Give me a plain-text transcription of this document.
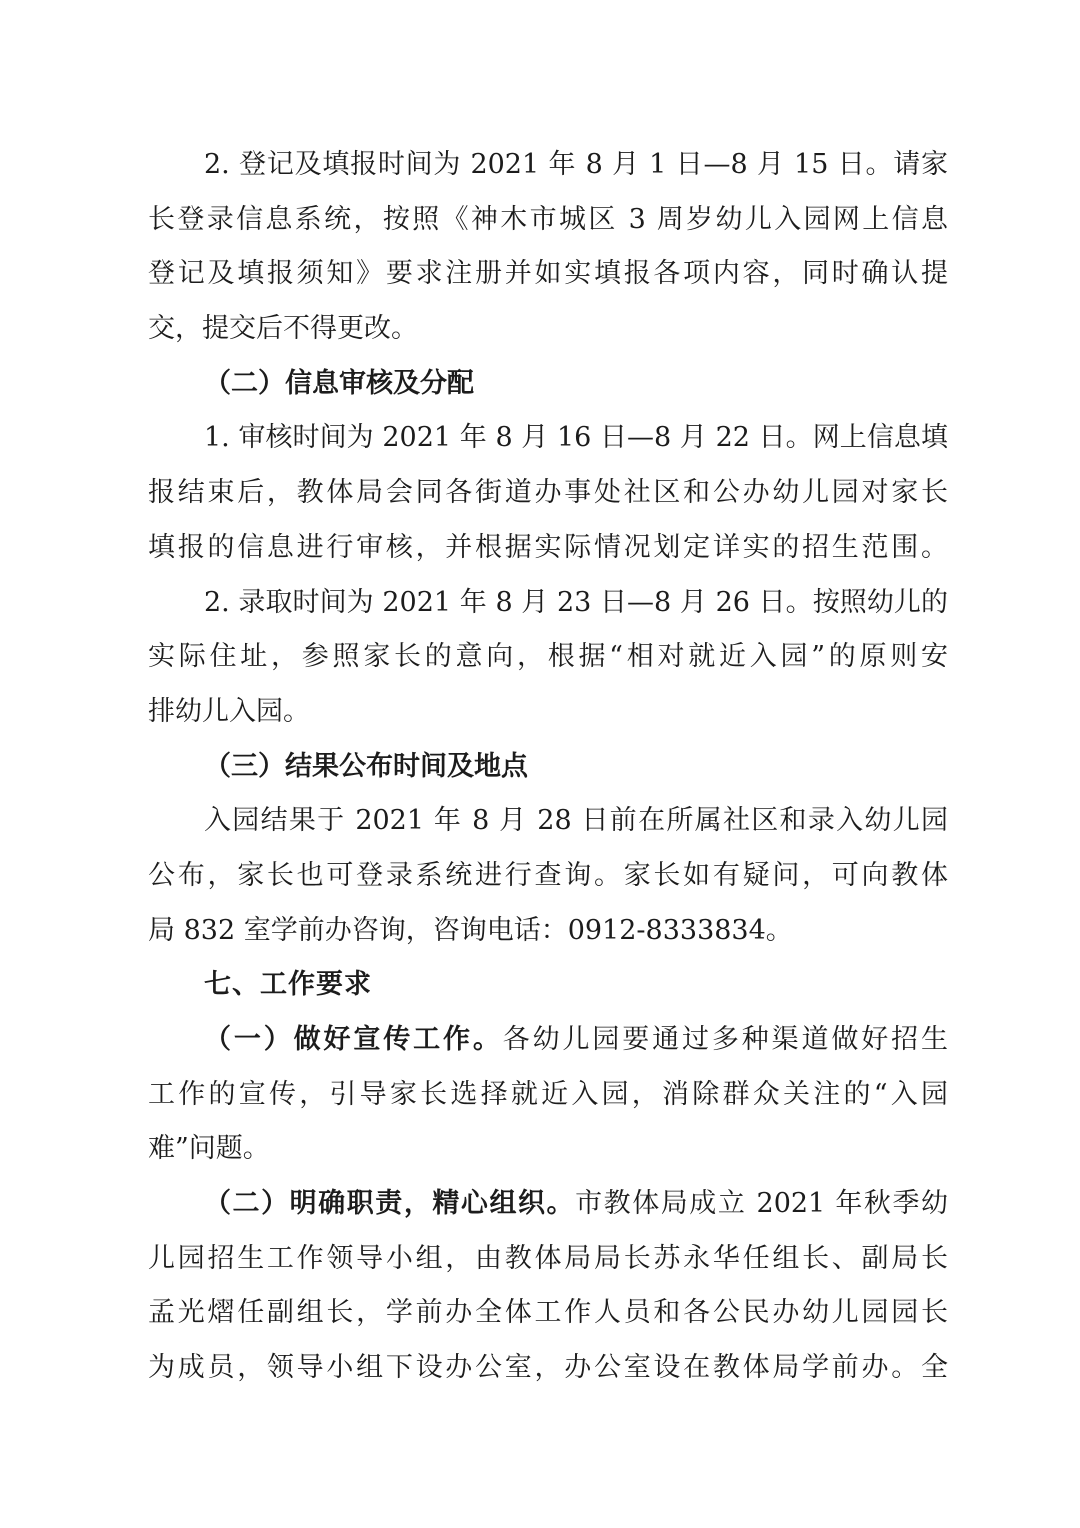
2. 登记及填报时间为 2021 年 8 月 1 日—8 月 15 日。请家
长登录信息系统，按照《神木市城区 3 周岁幼儿入园网上信息
登记及填报须知》要求注册并如实填报各项内容，同时确认提
交，提交后不得更改。
（二）信息审核及分配
1. 审核时间为 2021 年 8 月 16 日—8 月 22 日。网上信息填
报结束后，教体局会同各街道办事处社区和公办幼儿园对家长
填报的信息进行审核，并根据实际情况划定详实的招生范围。
2. 录取时间为 2021 年 8 月 23 日—8 月 26 日。按照幼儿的
实际住址，参照家长的意向，根据“相对就近入园”的原则安
排幼儿入园。
（三）结果公布时间及地点
入园结果于 2021 年 8 月 28 日前在所属社区和录入幼儿园
公布，家长也可登录系统进行查询。家长如有疑问，可向教体
局 832 室学前办咨询，咨询电话：0912-8333834。
七、工作要求
（一）做好宣传工作。各幼儿园要通过多种渠道做好招生
工作的宣传，引导家长选择就近入园，消除群众关注的“入园
难”问题。
（二）明确职责，精心组织。市教体局成立 2021 年秋季幼
儿园招生工作领导小组，由教体局局长苏永华任组长、副局长
孟光熠任副组长，学前办全体工作人员和各公民办幼儿园园长
为成员，领导小组下设办公室，办公室设在教体局学前办。全
